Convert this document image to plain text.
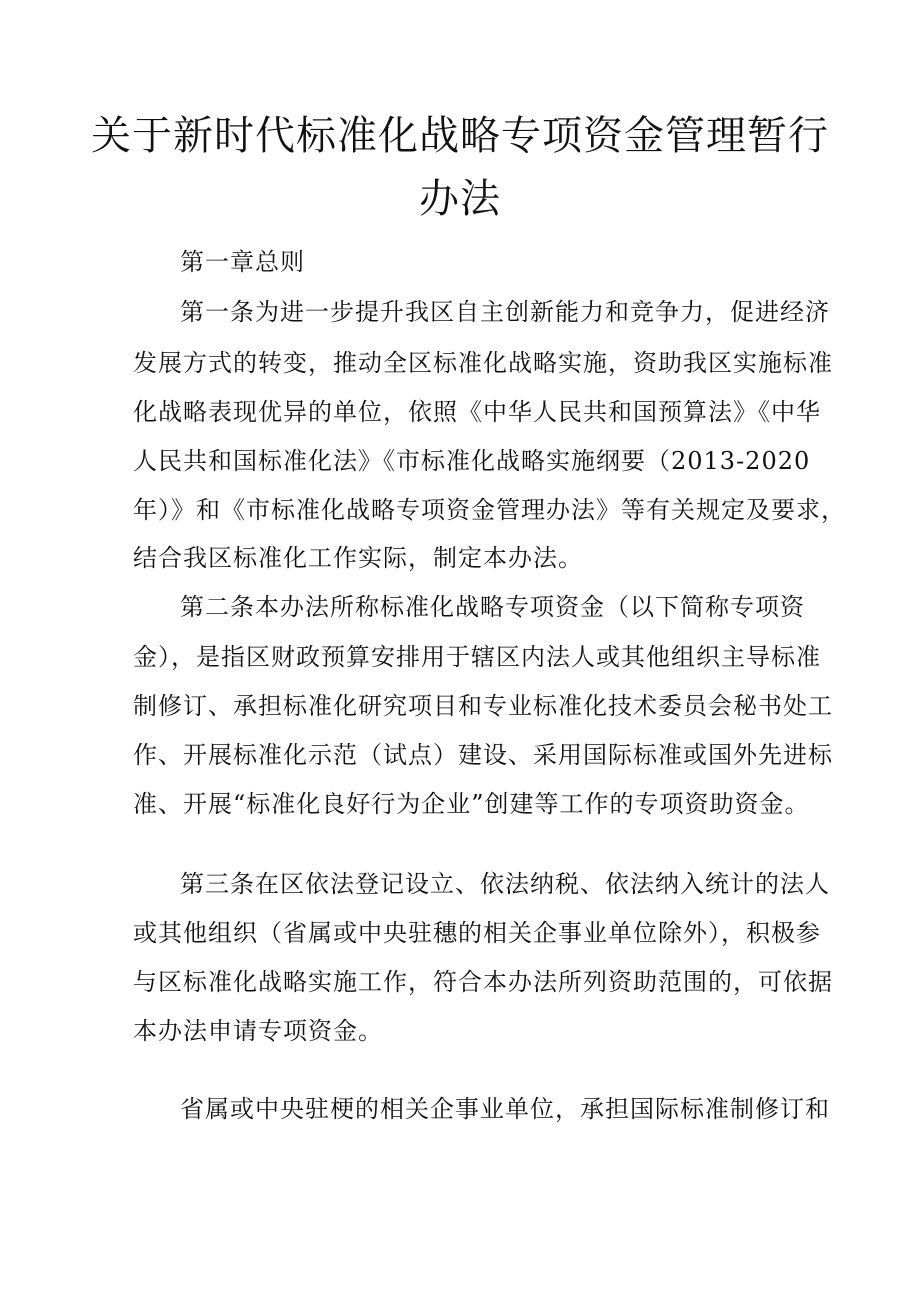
关于新时代标准化战略专项资金管理暂行
办法
第一章总则
第一条为进一步提升我区自主创新能力和竞争力，促进经济
发展方式的转变，推动全区标准化战略实施，资助我区实施标准
化战略表现优异的单位，依照《中华人民共和国预算法》《中华
人民共和国标准化法》《市标准化战略实施纲要（2013-2020
年）》和《市标准化战略专项资金管理办法》等有关规定及要求，
结合我区标准化工作实际，制定本办法。
第二条本办法所称标准化战略专项资金（以下简称专项资
金），是指区财政预算安排用于辖区内法人或其他组织主导标准
制修订、承担标准化研究项目和专业标准化技术委员会秘书处工
作、开展标准化示范（试点）建设、采用国际标准或国外先进标
准、开展“标准化良好行为企业”创建等工作的专项资助资金。
第三条在区依法登记设立、依法纳税、依法纳入统计的法人
或其他组织（省属或中央驻穗的相关企事业单位除外），积极参
与区标准化战略实施工作，符合本办法所列资助范围的，可依据
本办法申请专项资金。
省属或中央驻梗的相关企事业单位，承担国际标准制修订和
